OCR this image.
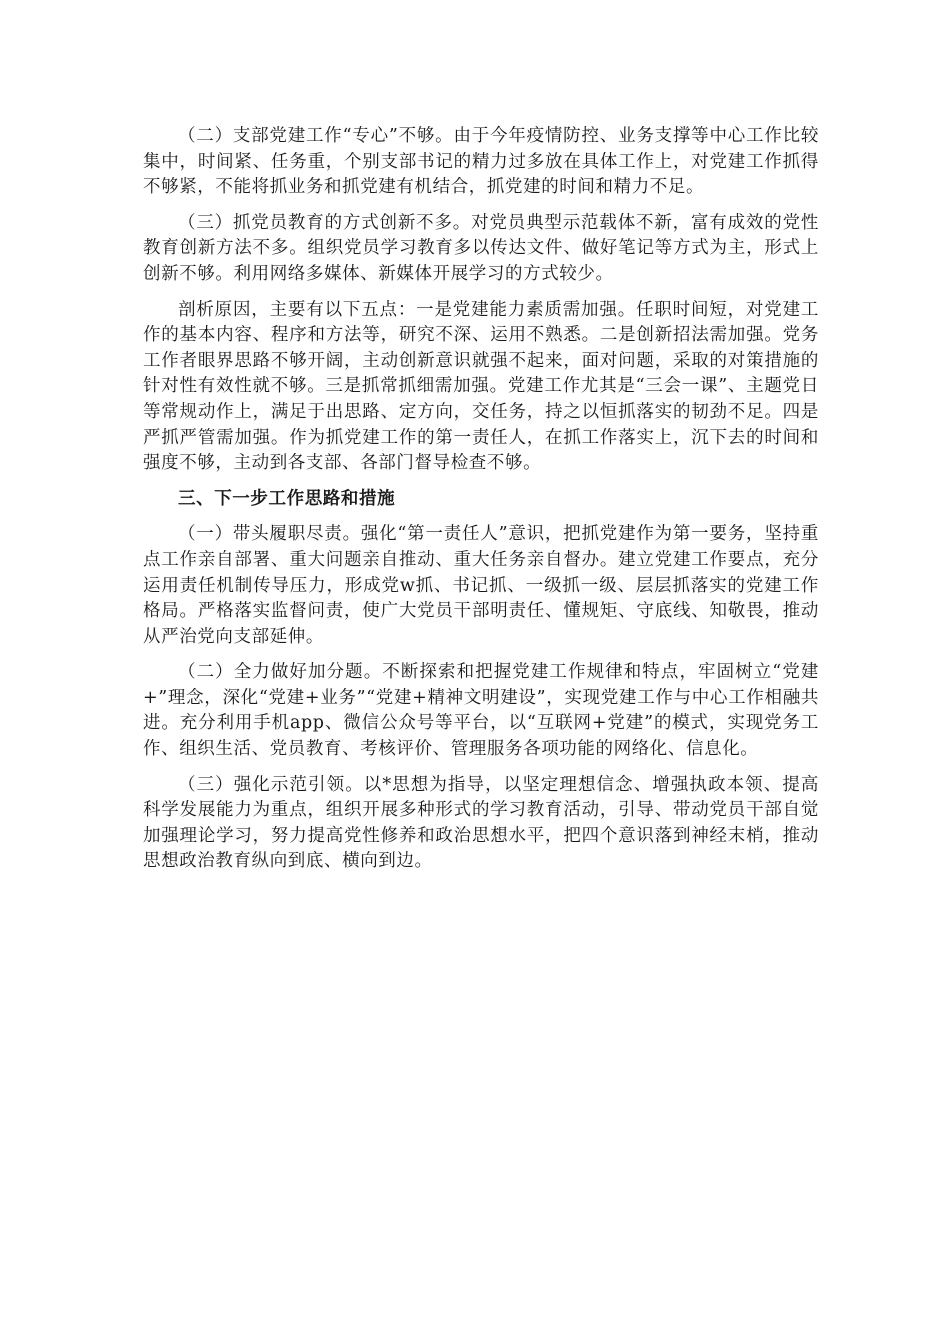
（二）支部党建工作“专心”不够。由于今年疫情防控、业务支撑等中心工作比较集中，时间紧、任务重，个别支部书记的精力过多放在具体工作上，对党建工作抓得不够紧，不能将抓业务和抓党建有机结合，抓党建的时间和精力不足。

（三）抓党员教育的方式创新不多。对党员典型示范载体不新，富有成效的党性教育创新方法不多。组织党员学习教育多以传达文件、做好笔记等方式为主，形式上创新不够。利用网络多媒体、新媒体开展学习的方式较少。

剖析原因，主要有以下五点：一是党建能力素质需加强。任职时间短，对党建工作的基本内容、程序和方法等，研究不深、运用不熟悉。二是创新招法需加强。党务工作者眼界思路不够开阔，主动创新意识就强不起来，面对问题，采取的对策措施的针对性有效性就不够。三是抓常抓细需加强。党建工作尤其是“三会一课”、主题党日等常规动作上，满足于出思路、定方向，交任务，持之以恒抓落实的韧劲不足。四是严抓严管需加强。作为抓党建工作的第一责任人，在抓工作落实上，沉下去的时间和强度不够，主动到各支部、各部门督导检查不够。

三、下一步工作思路和措施

（一）带头履职尽责。强化“第一责任人”意识，把抓党建作为第一要务，坚持重点工作亲自部署、重大问题亲自推动、重大任务亲自督办。建立党建工作要点，充分运用责任机制传导压力，形成党w抓、书记抓、一级抓一级、层层抓落实的党建工作格局。严格落实监督问责，使广大党员干部明责任、懂规矩、守底线、知敬畏，推动从严治党向支部延伸。

（二）全力做好加分题。不断探索和把握党建工作规律和特点，牢固树立“党建+”理念，深化“党建+业务”“党建+精神文明建设”，实现党建工作与中心工作相融共进。充分利用手机app、微信公众号等平台，以“互联网+党建”的模式，实现党务工作、组织生活、党员教育、考核评价、管理服务各项功能的网络化、信息化。

（三）强化示范引领。以*思想为指导，以坚定理想信念、增强执政本领、提高科学发展能力为重点，组织开展多种形式的学习教育活动，引导、带动党员干部自觉加强理论学习，努力提高党性修养和政治思想水平，把四个意识落到神经末梢，推动思想政治教育纵向到底、横向到边。
